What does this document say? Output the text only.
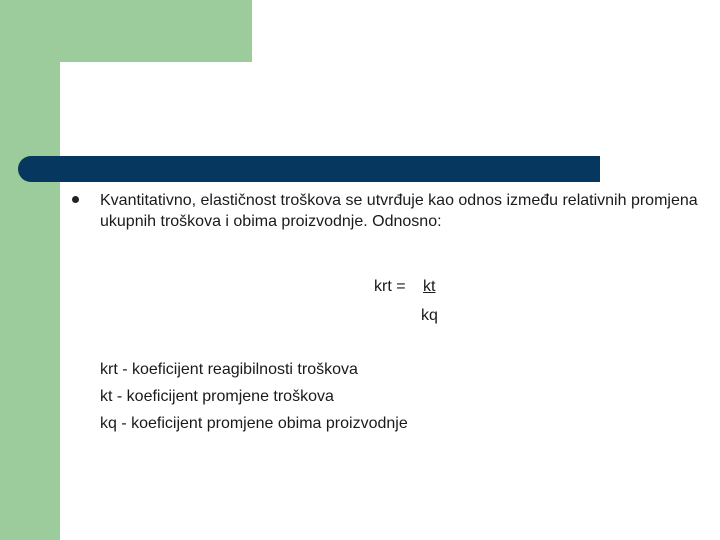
Kvantitativno, elastičnost troškova se utvrđuje kao odnos između relativnih promjena ukupnih troškova i obima proizvodnje. Odnosno:

krt = kt
kq
krt - koeficijent reagibilnosti troškova
kt - koeficijent promjene troškova
kq - koeficijent promjene obima proizvodnje
